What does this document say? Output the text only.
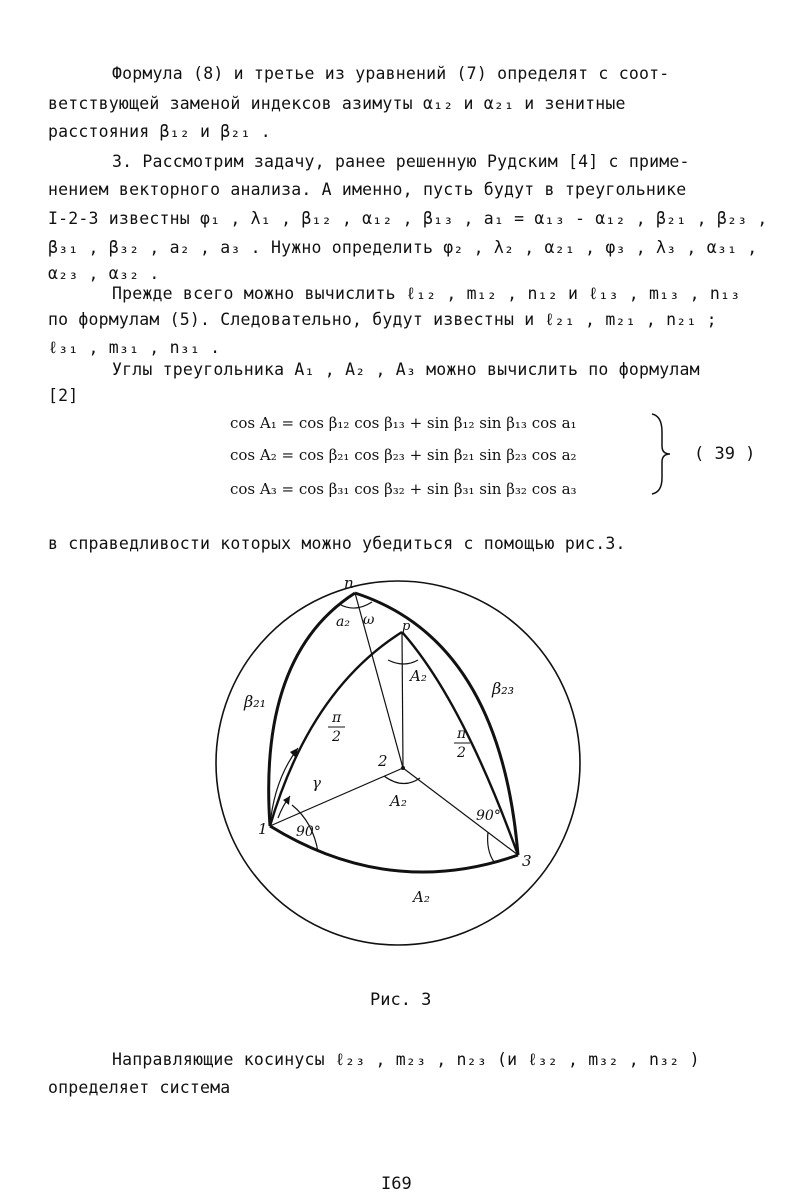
Формула (8) и третье из уравнений (7) определят с соот-
ветствующей заменой индексов азимуты α₁₂ и α₂₁ и зенитные
расстояния β₁₂ и β₂₁ .
3. Рассмотрим задачу, ранее решенную Рудским [4] с приме-
нением векторного анализа. А именно, пусть будут в треугольнике
I-2-3 известны φ₁ , λ₁ , β₁₂ , α₁₂ , β₁₃ , a₁ = α₁₃ - α₁₂ , β₂₁ , β₂₃ ,
β₃₁ , β₃₂ , a₂ , a₃ . Нужно определить φ₂ , λ₂ , α₂₁ , φ₃ , λ₃ , α₃₁ ,
α₂₃ , α₃₂ .
Прежде всего можно вычислить ℓ₁₂ , m₁₂ , n₁₂ и ℓ₁₃ , m₁₃ , n₁₃
по формулам (5). Следовательно, будут известны и ℓ₂₁ , m₂₁ , n₂₁ ;
ℓ₃₁ , m₃₁ , n₃₁ .
Углы треугольника A₁ , A₂ , A₃ можно вычислить по формулам
[2]
cos A₁ = cos β₁₂ cos β₁₃ + sin β₁₂ sin β₁₃ cos a₁
cos A₂ = cos β₂₁ cos β₂₃ + sin β₂₁ sin β₂₃ cos a₂
cos A₃ = cos β₃₁ cos β₃₂ + sin β₃₁ sin β₃₂ cos a₃
( 39 )
в справедливости которых можно убедиться с помощью рис.3.
n
p
a₂ ω
A₂
β₂₁
β₂₃
π
2	π
2
2
A₂
γ
90°
90°
1
3
A₂
Рис. 3
Направляющие косинусы ℓ₂₃ , m₂₃ , n₂₃ (и ℓ₃₂ , m₃₂ , n₃₂ )
определяет система
I69
